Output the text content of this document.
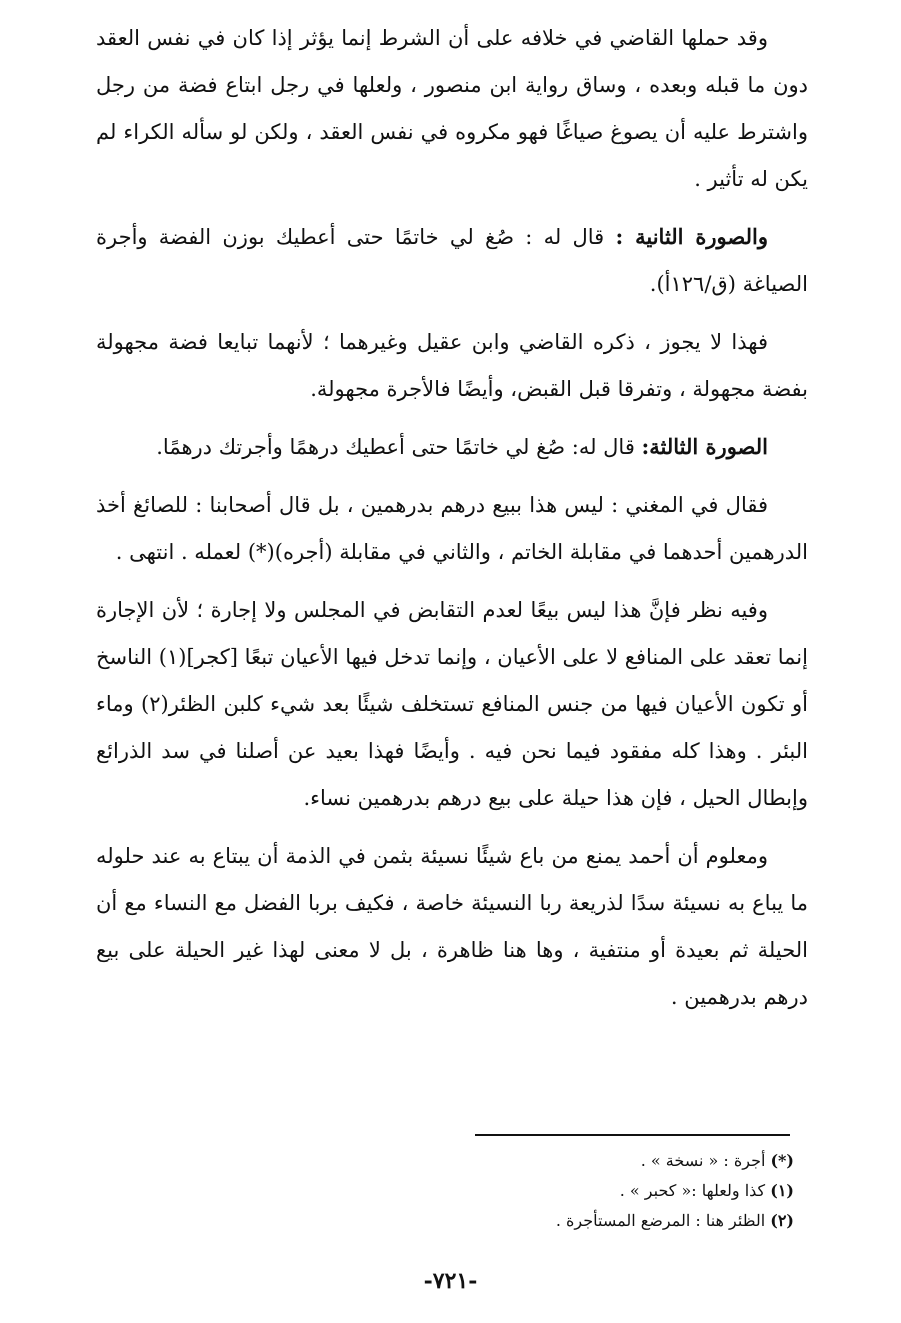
وقد حملها القاضي في خلافه على أن الشرط إنما يؤثر إذا كان في نفس العقد دون ما قبله وبعده ، وساق رواية ابن منصور ، ولعلها في رجل ابتاع فضة من رجل واشترط عليه أن يصوغ صياغًا فهو مكروه في نفس العقد ، ولكن لو سأله الكراء لم يكن له تأثير .

والصورة الثانية : قال له : صُغ لي خاتمًا حتى أعطيك بوزن الفضة وأجرة الصياغة (ق/١٢٦أ).

فهذا لا يجوز ، ذكره القاضي وابن عقيل وغيرهما ؛ لأنهما تبايعا فضة مجهولة بفضة مجهولة ، وتفرقا قبل القبض، وأيضًا فالأجرة مجهولة.

الصورة الثالثة: قال له: صُغ لي خاتمًا حتى أعطيك درهمًا وأجرتك درهمًا.

فقال في المغني : ليس هذا ببيع درهم بدرهمين ، بل قال أصحابنا : للصائغ أخذ الدرهمين أحدهما في مقابلة الخاتم ، والثاني في مقابلة (أجره)(*) لعمله . انتهى .

وفيه نظر فإنَّ هذا ليس بيعًا لعدم التقابض في المجلس ولا إجارة ؛ لأن الإجارة إنما تعقد على المنافع لا على الأعيان ، وإنما تدخل فيها الأعيان تبعًا [كجر](١) الناسخ أو تكون الأعيان فيها من جنس المنافع تستخلف شيئًا بعد شيء كلبن الظئر(٢) وماء البئر . وهذا كله مفقود فيما نحن فيه . وأيضًا فهذا بعيد عن أصلنا في سد الذرائع وإبطال الحيل ، فإن هذا حيلة على بيع درهم بدرهمين نساء.

ومعلوم أن أحمد يمنع من باع شيئًا نسيئة بثمن في الذمة أن يبتاع به عند حلوله ما يباع به نسيئة سدًا لذريعة ربا النسيئة خاصة ، فكيف بربا الفضل مع النساء مع أن الحيلة ثم بعيدة أو منتفية ، وها هنا ظاهرة ، بل لا معنى لهذا غير الحيلة على بيع درهم بدرهمين .

(*) أجرة : « نسخة » .

(١) كذا ولعلها :« كحبر » .

(٢) الظئر هنا : المرضع المستأجرة .

-٧٢١-
